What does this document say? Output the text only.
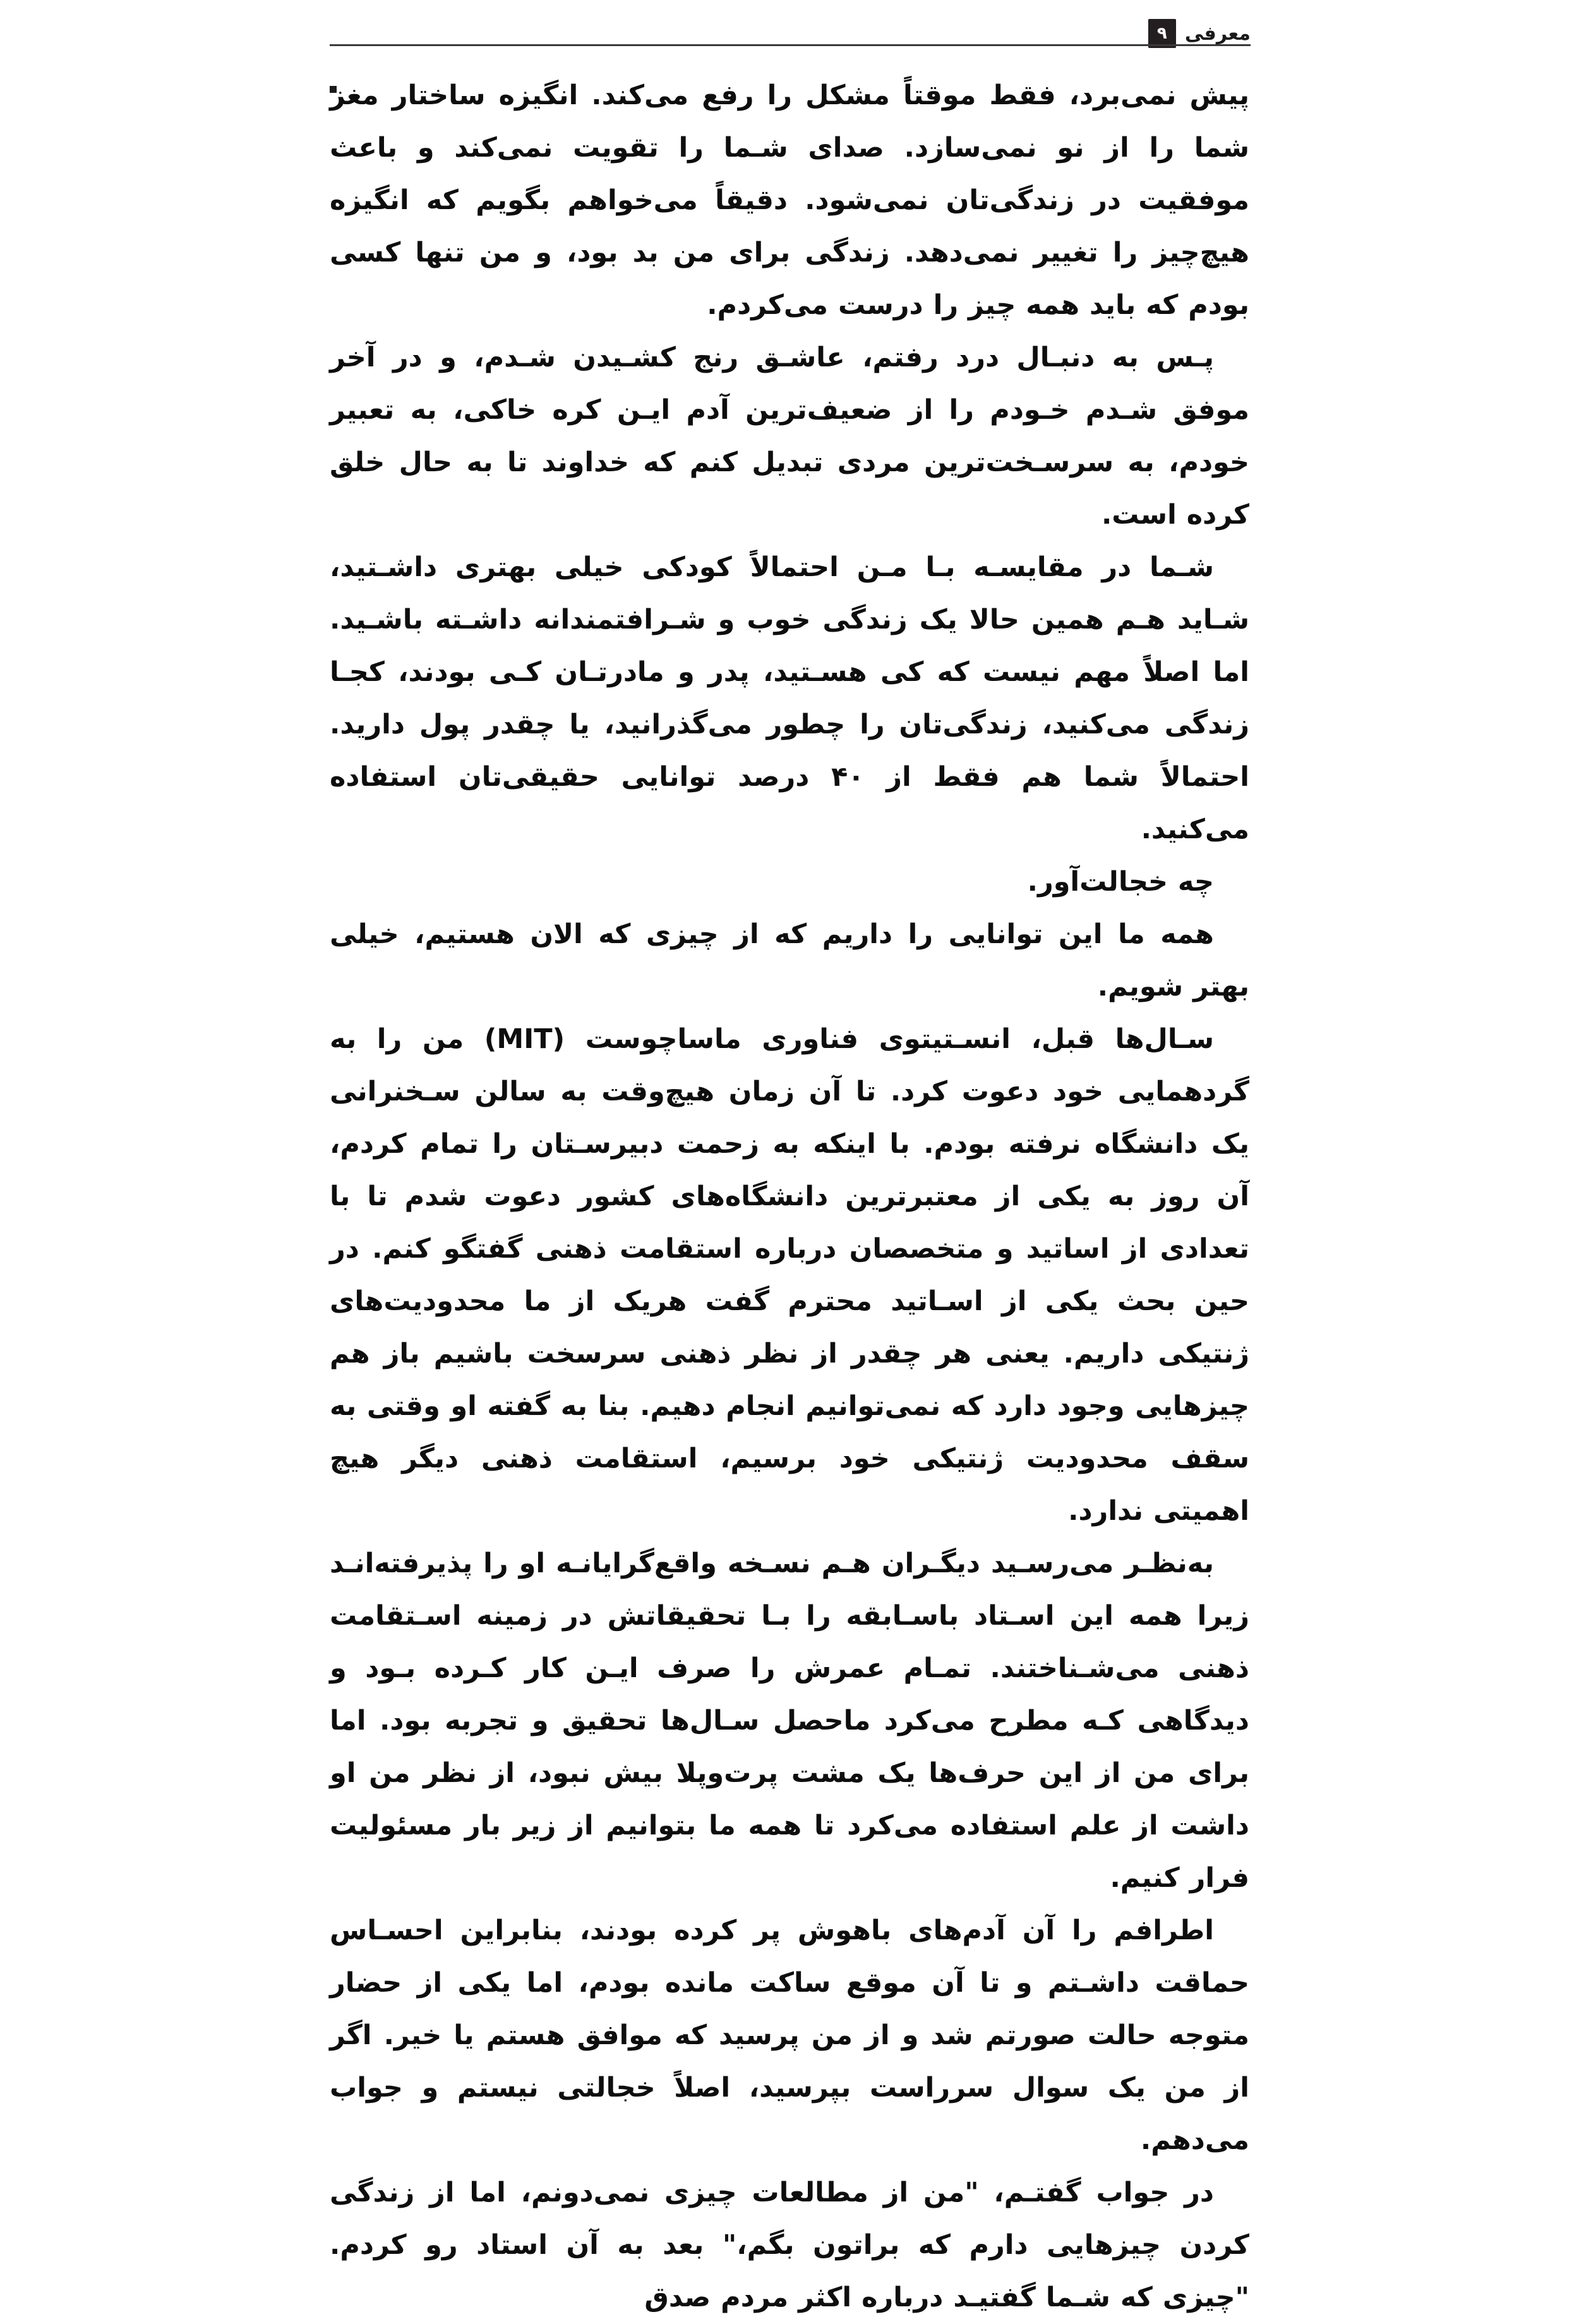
معرفی
۹

پیش نمی‌برد، فقط موقتاً مشکل را رفع می‌کند. انگیزه ساختار مغز شما را از نو نمی‌سازد. صدای شـما را تقویت نمی‌کند و باعث موفقیت در زندگی‌تان نمی‌شود. دقیقاً می‌خواهم بگویم که انگیزه هیچ‌چیز را تغییر نمی‌دهد. زندگی برای من بد بود، و من تنها کسی بودم که باید همه چیز را درست می‌کردم.

پـس به دنبـال درد رفتم، عاشـق رنج کشـیدن شـدم، و در آخر موفق شـدم خـودم را از ضعیف‌ترین آدم ایـن کره خاکی، به تعبیر خودم، به سرسـخت‌ترین مردی تبدیل کنم که خداوند تا به حال خلق کرده است.

شـما در مقایسـه بـا مـن احتمالاً کودکی خیلی بهتری داشـتید، شـاید هـم همین حالا یک زندگی خوب و شـرافتمندانه داشـته باشـید. اما اصلاً مهم نیست که کی هسـتید، پدر و مادرتـان کـی بودند، کجـا زندگی می‌کنید، زندگی‌تان را چطور می‌گذرانید، یا چقدر پول دارید. احتمالاً شما هم فقط از ۴۰ درصد توانایی حقیقی‌تان استفاده می‌کنید.

چه خجالت‌آور.

همه ما این توانایی را داریم که از چیزی که الان هستیم، خیلی بهتر شویم.

سـال‌ها قبل، انسـتیتوی فناوری ماساچوست (MIT) من را به گردهمایی خود دعوت کرد. تا آن زمان هیچ‌وقت به سالن سـخنرانی یک دانشگاه نرفته بودم. با اینکه به زحمت دبیرسـتان را تمام کردم، آن روز به یکی از معتبرترین دانشگاه‌های کشور دعوت شدم تا با تعدادی از اساتید و متخصصان درباره استقامت ذهنی گفتگو کنم. در حین بحث یکی از اسـاتید محترم گفت هریک از ما محدودیت‌های ژنتیکی داریم. یعنی هر چقدر از نظر ذهنی سرسخت باشیم باز هم چیزهایی وجود دارد که نمی‌توانیم انجام دهیم. بنا به گفته او وقتی به سقف محدودیت ژنتیکی خود برسیم، استقامت ذهنی دیگر هیچ اهمیتی ندارد.

به‌نظـر می‌رسـید دیگـران هـم نسـخه واقع‌گرایانـه او را پذیرفته‌انـد زیرا همه این اسـتاد باسـابقه را بـا تحقیقاتش در زمینه اسـتقامت ذهنی می‌شـناختند. تمـام عمرش را صرف ایـن کار کـرده بـود و دیدگاهی کـه مطرح می‌کرد ماحصل سـال‌ها تحقیق و تجربه بود. اما برای من از این حرف‌ها یک مشت پرت‌وپلا بیش نبود، از نظر من او داشت از علم استفاده می‌کرد تا همه ما بتوانیم از زیر بار مسئولیت فرار کنیم.

اطرافم را آن آدم‌های باهوش پر کرده بودند، بنابراین احسـاس حماقت داشـتم و تا آن موقع ساکت مانده بودم، اما یکی از حضار متوجه حالت صورتم شد و از من پرسید که موافق هستم یا خیر. اگر از من یک سوال سرراست بپرسید، اصلاً خجالتی نیستم و جواب می‌دهم.

در جواب گفتـم، "من از مطالعات چیزی نمی‌دونم، اما از زندگی کردن چیزهایی دارم که براتون بگم،" بعد به آن استاد رو کردم. "چیزی که شـما گفتیـد درباره اکثر مردم صدق
